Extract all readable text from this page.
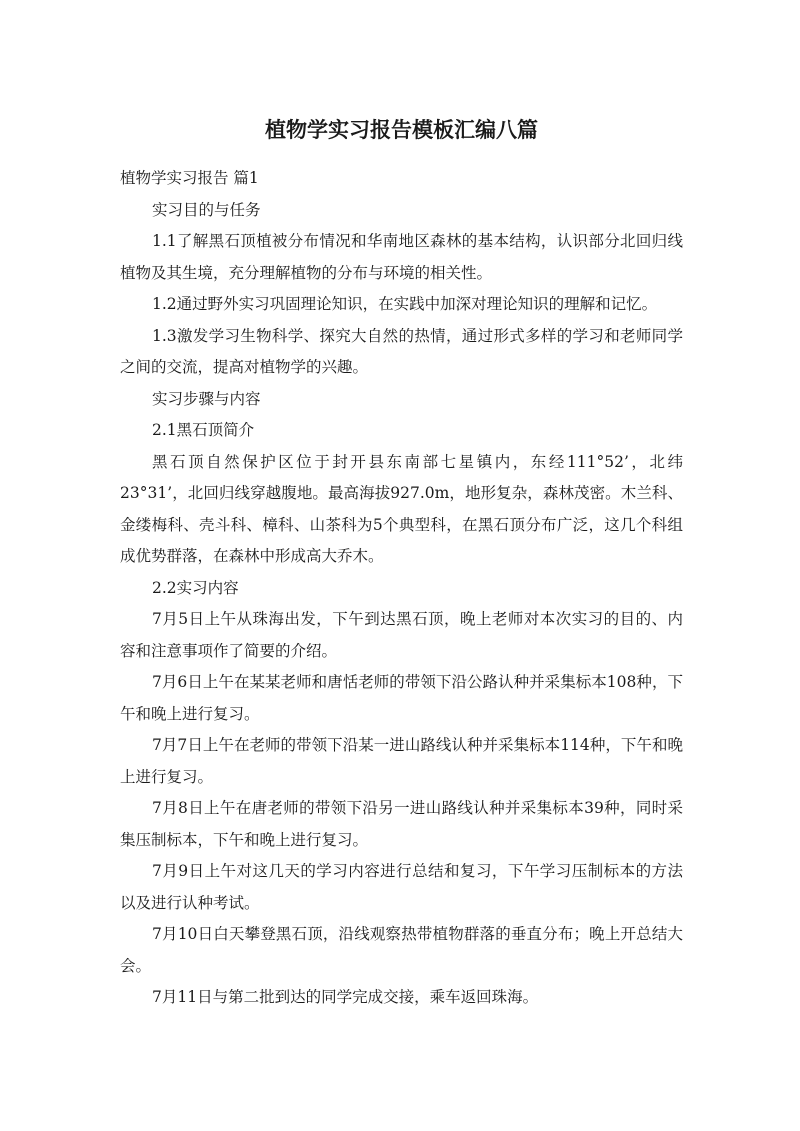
植物学实习报告模板汇编八篇

植物学实习报告 篇1

实习目的与任务

1.1了解黑石顶植被分布情况和华南地区森林的基本结构，认识部分北回归线植物及其生境，充分理解植物的分布与环境的相关性。

1.2通过野外实习巩固理论知识，在实践中加深对理论知识的理解和记忆。

1.3激发学习生物科学、探究大自然的热情，通过形式多样的学习和老师同学之间的交流，提高对植物学的兴趣。

实习步骤与内容

2.1黑石顶简介

黑石顶自然保护区位于封开县东南部七星镇内，东经111°52’，北纬23°31’，北回归线穿越腹地。最高海拔927.0m，地形复杂，森林茂密。木兰科、金缕梅科、壳斗科、樟科、山茶科为5个典型科，在黑石顶分布广泛，这几个科组成优势群落，在森林中形成高大乔木。

2.2实习内容

7月5日上午从珠海出发，下午到达黑石顶，晚上老师对本次实习的目的、内容和注意事项作了简要的介绍。

7月6日上午在某某老师和唐恬老师的带领下沿公路认种并采集标本108种，下午和晚上进行复习。

7月7日上午在老师的带领下沿某一进山路线认种并采集标本114种，下午和晚上进行复习。

7月8日上午在唐老师的带领下沿另一进山路线认种并采集标本39种，同时采集压制标本，下午和晚上进行复习。

7月9日上午对这几天的学习内容进行总结和复习，下午学习压制标本的方法以及进行认种考试。

7月10日白天攀登黑石顶，沿线观察热带植物群落的垂直分布；晚上开总结大会。

7月11日与第二批到达的同学完成交接，乘车返回珠海。
